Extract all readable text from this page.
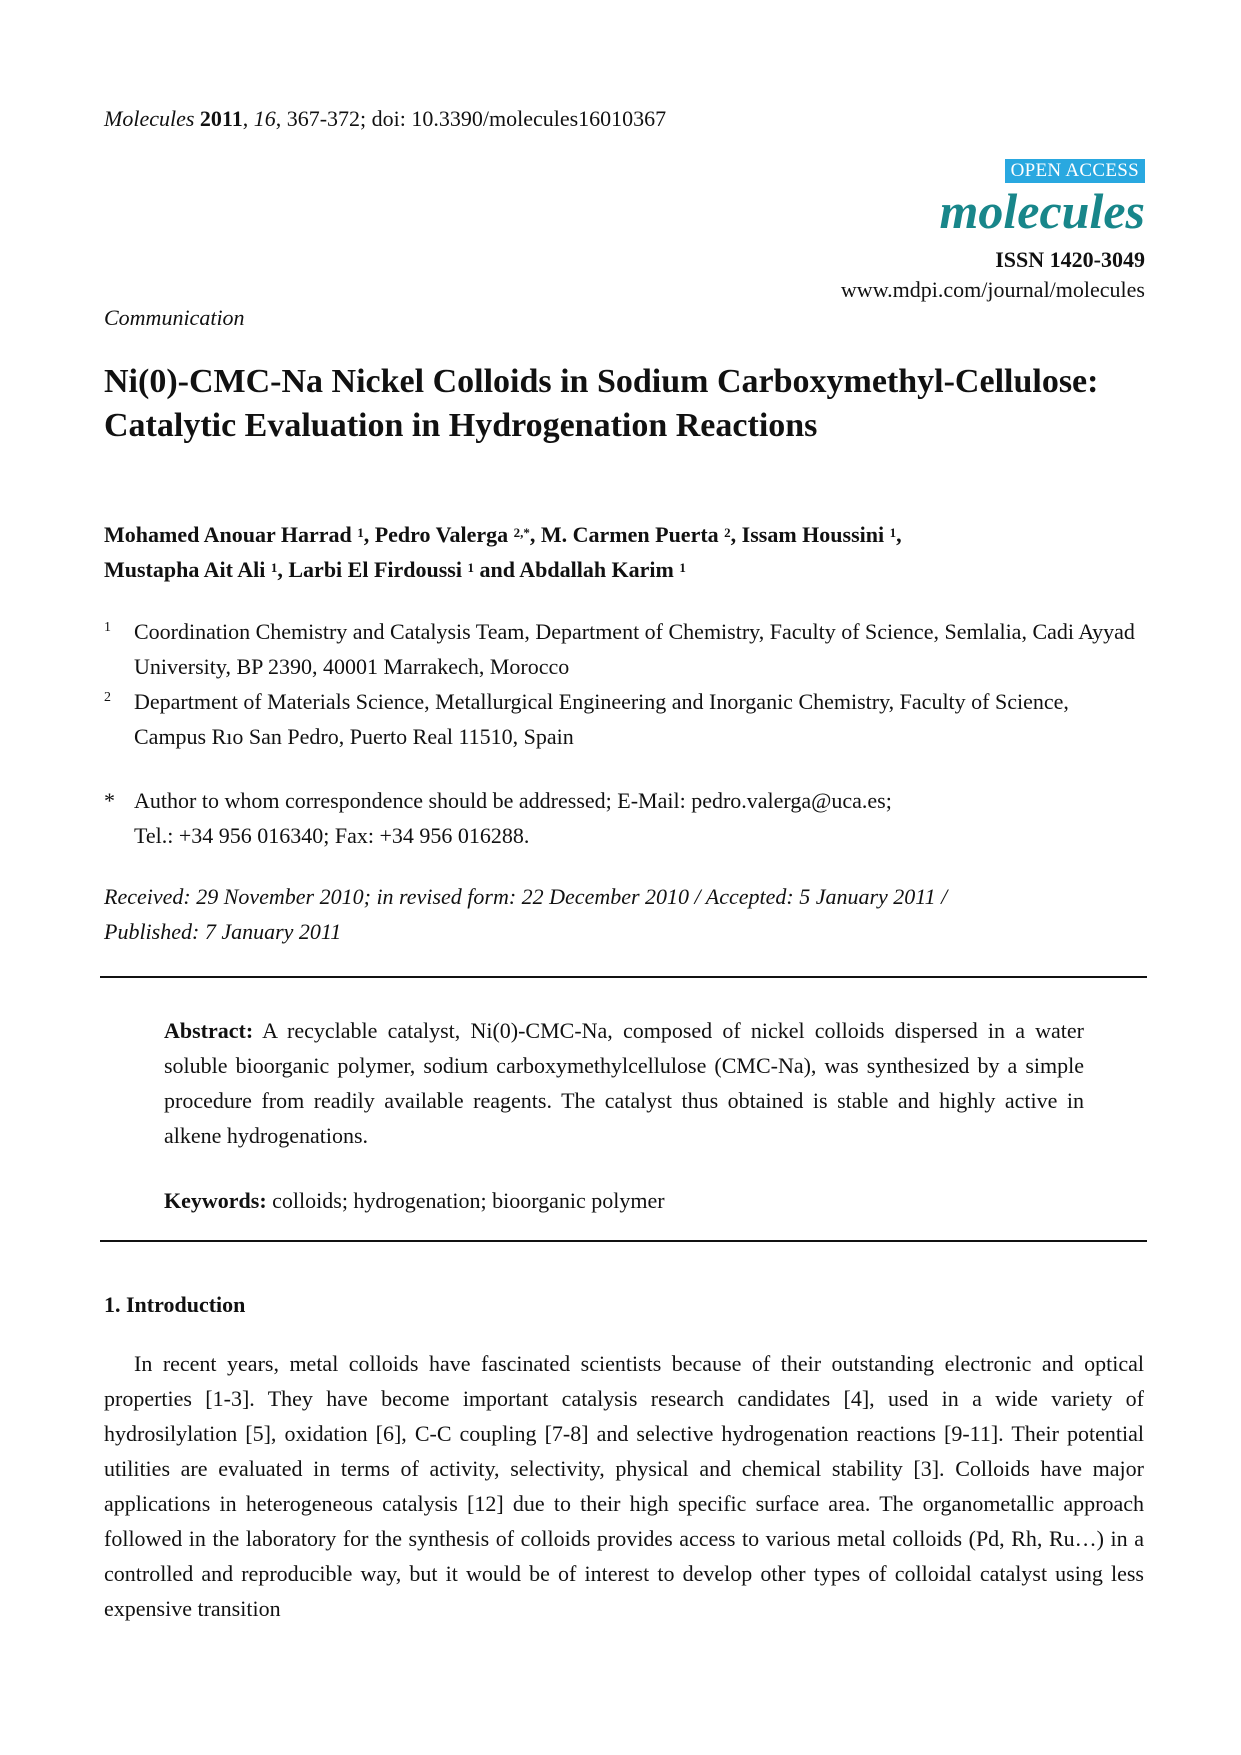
Molecules 2011, 16, 367-372; doi: 10.3390/molecules16010367
OPEN ACCESS
molecules
ISSN 1420-3049
www.mdpi.com/journal/molecules
Communication
Ni(0)-CMC-Na Nickel Colloids in Sodium Carboxymethyl-Cellulose: Catalytic Evaluation in Hydrogenation Reactions
Mohamed Anouar Harrad $^1$, Pedro Valerga $^{2,*}$, M. Carmen Puerta $^2$, Issam Houssini $^1$,
Mustapha Ait Ali $^1$, Larbi El Firdoussi $^1$ and Abdallah Karim $^1$
1 Coordination Chemistry and Catalysis Team, Department of Chemistry, Faculty of Science, Semlalia, Cadi Ayyad University, BP 2390, 40001 Marrakech, Morocco
2 Department of Materials Science, Metallurgical Engineering and Inorganic Chemistry, Faculty of Science, Campus Rıo San Pedro, Puerto Real 11510, Spain
* Author to whom correspondence should be addressed; E-Mail: pedro.valerga@uca.es;
Tel.: +34 956 016340; Fax: +34 956 016288.
Received: 29 November 2010; in revised form: 22 December 2010 / Accepted: 5 January 2011 /
Published: 7 January 2011
Abstract: A recyclable catalyst, Ni(0)-CMC-Na, composed of nickel colloids dispersed in a water soluble bioorganic polymer, sodium carboxymethylcellulose (CMC-Na), was synthesized by a simple procedure from readily available reagents. The catalyst thus obtained is stable and highly active in alkene hydrogenations.
Keywords: colloids; hydrogenation; bioorganic polymer
1. Introduction
In recent years, metal colloids have fascinated scientists because of their outstanding electronic and optical properties [1-3]. They have become important catalysis research candidates [4], used in a wide variety of hydrosilylation [5], oxidation [6], C-C coupling [7-8] and selective hydrogenation reactions [9-11]. Their potential utilities are evaluated in terms of activity, selectivity, physical and chemical stability [3]. Colloids have major applications in heterogeneous catalysis [12] due to their high specific surface area. The organometallic approach followed in the laboratory for the synthesis of colloids provides access to various metal colloids (Pd, Rh, Ru…) in a controlled and reproducible way, but it would be of interest to develop other types of colloidal catalyst using less expensive transition
